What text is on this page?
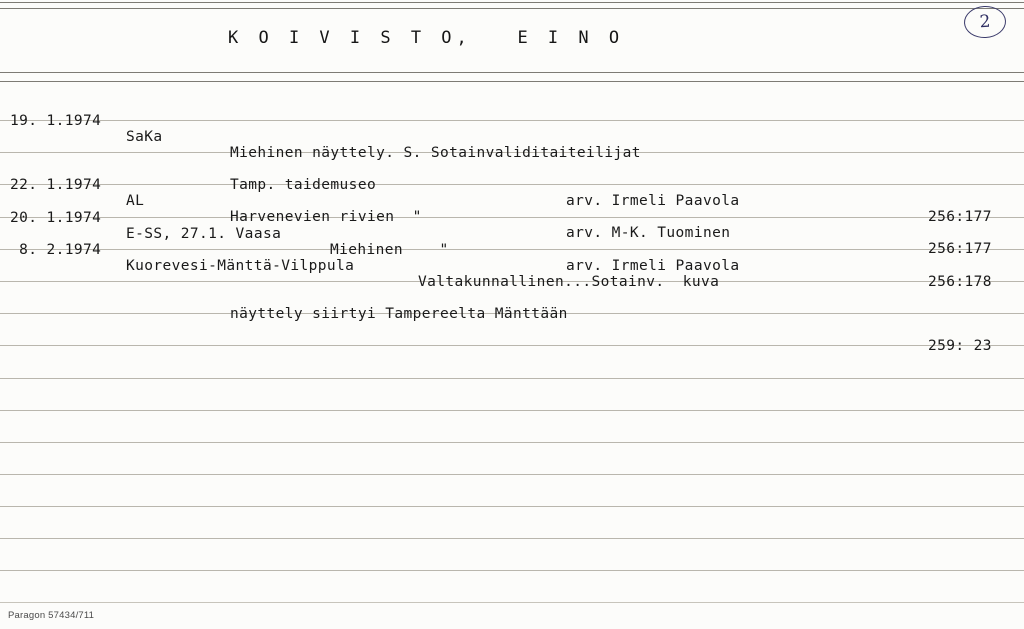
K O I V I S T O,   E I N O
2

19. 1.1974

SaKa

Miehinen näyttely. S. Sotainvaliditaiteilijat

Tamp. taidemuseo

arv. Irmeli Paavola

256:177

22. 1.1974

AL

Harvenevien rivien  "

arv. M-K. Tuominen

256:177

20. 1.1974

E-SS, 27.1. Vaasa

Miehinen    "

arv. Irmeli Paavola

256:178

8. 2.1974

Kuorevesi-Mänttä-Vilppula

Valtakunnallinen...Sotainv.  kuva

näyttely siirtyi Tampereelta Mänttään

259: 23

Paragon 57434/711
